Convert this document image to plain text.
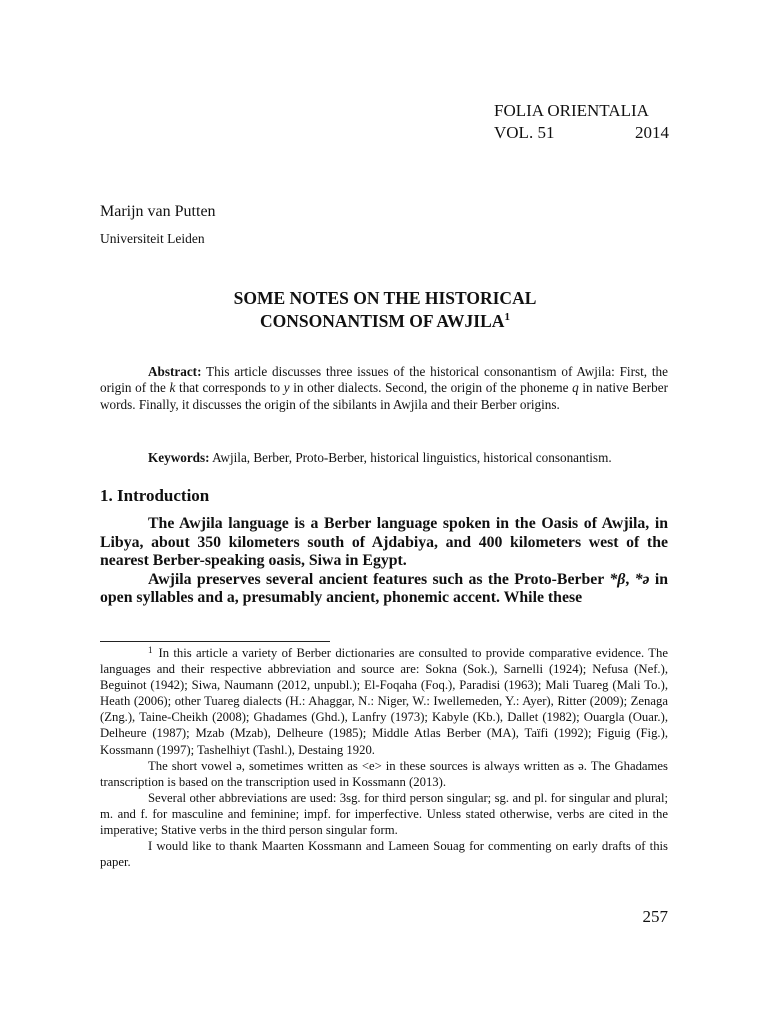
FOLIA ORIENTALIA
VOL. 51	2014
Marijn van Putten
Universiteit Leiden
SOME NOTES ON THE HISTORICAL
CONSONANTISM OF AWJILA$^1$
Abstract: This article discusses three issues of the historical consonantism of Awjila: First, the origin of the k that corresponds to y in other dialects. Second, the origin of the phoneme q in native Berber words. Finally, it discusses the origin of the sibilants in Awjila and their Berber origins.
Keywords: Awjila, Berber, Proto-Berber, historical linguistics, historical consonantism.
1. Introduction

The Awjila language is a Berber language spoken in the Oasis of Awjila, in Libya, about 350 kilometers south of Ajdabiya, and 400 kilometers west of the nearest Berber-speaking oasis, Siwa in Egypt.

Awjila preserves several ancient features such as the Proto-Berber *β, *ə in open syllables and a, presumably ancient, phonemic accent. While these

$^1$ In this article a variety of Berber dictionaries are consulted to provide comparative evidence. The languages and their respective abbreviation and source are: Sokna (Sok.), Sarnelli (1924); Nefusa (Nef.), Beguinot (1942); Siwa, Naumann (2012, unpubl.); El-Foqaha (Foq.), Paradisi (1963); Mali Tuareg (Mali To.), Heath (2006); other Tuareg dialects (H.: Ahaggar, N.: Niger, W.: Iwellemeden, Y.: Ayer), Ritter (2009); Zenaga (Zng.), Taine-Cheikh (2008); Ghadames (Ghd.), Lanfry (1973); Kabyle (Kb.), Dallet (1982); Ouargla (Ouar.), Delheure (1987); Mzab (Mzab), Delheure (1985); Middle Atlas Berber (MA), Taïfi (1992); Figuig (Fig.), Kossmann (1997); Tashelhiyt (Tashl.), Destaing 1920.

The short vowel ə, sometimes written as <e> in these sources is always written as ə. The Ghadames transcription is based on the transcription used in Kossmann (2013).

Several other abbreviations are used: 3sg. for third person singular; sg. and pl. for singular and plural; m. and f. for masculine and feminine; impf. for imperfective. Unless stated otherwise, verbs are cited in the imperative; Stative verbs in the third person singular form.

I would like to thank Maarten Kossmann and Lameen Souag for commenting on early drafts of this paper.

257
